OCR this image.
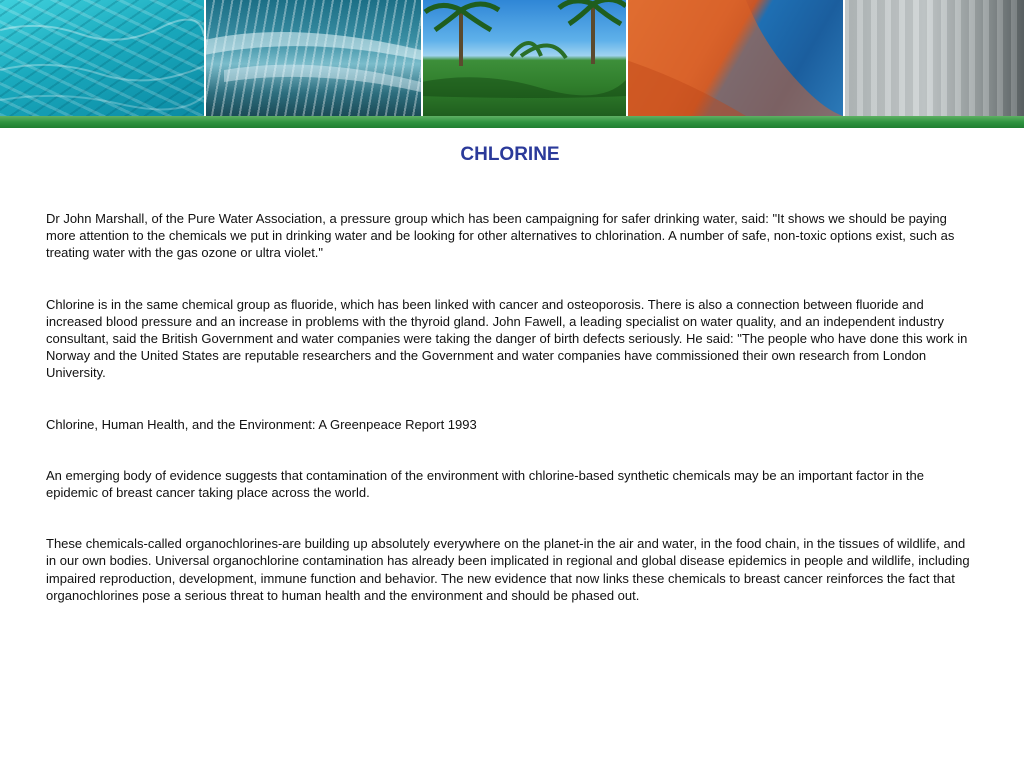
CHLORINE

Dr John Marshall, of the Pure Water Association, a pressure group which has been campaigning for safer drinking water, said: "It shows we should be paying more attention to the chemicals we put in drinking water and be looking for other alternatives to chlorination. A number of safe, non-toxic options exist, such as treating water with the gas ozone or ultra violet."

Chlorine is in the same chemical group as fluoride, which has been linked with cancer and osteoporosis. There is also a connection between fluoride and increased blood pressure and an increase in problems with the thyroid gland. John Fawell, a leading specialist on water quality, and an independent industry consultant, said the British Government and water companies were taking the danger of birth defects seriously. He said: "The people who have done this work in Norway and the United States are reputable researchers and the Government and water companies have commissioned their own research from London University.

Chlorine, Human Health, and the Environment: A Greenpeace Report 1993

An emerging body of evidence suggests that contamination of the environment with chlorine-based synthetic chemicals may be an important factor in the epidemic of breast cancer taking place across the world.

These chemicals-called organochlorines-are building up absolutely everywhere on the planet-in the air and water, in the food chain, in the tissues of wildlife, and in our own bodies. Universal organochlorine contamination has already been implicated in regional and global disease epidemics in people and wildlife, including impaired reproduction, development, immune function and behavior. The new evidence that now links these chemicals to breast cancer reinforces the fact that organochlorines pose a serious threat to human health and the environment and should be phased out.
